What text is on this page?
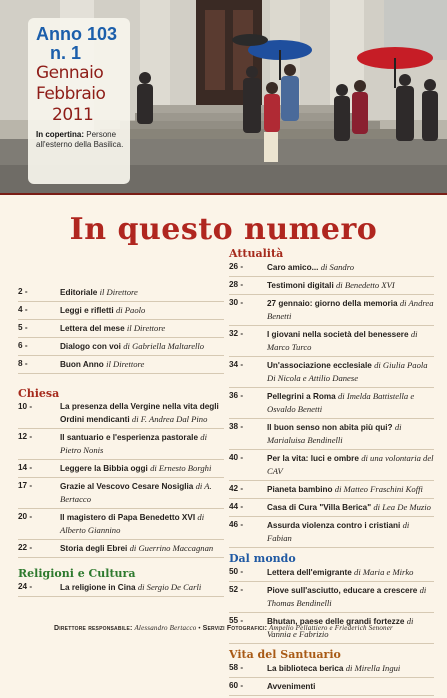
Anno 103
n. 1
Gennaio
Febbraio
2011
In copertina: Persone all'esterno della Basilica.
In questo numero
2 -	Editoriale il Direttore
4 -	Leggi e rifletti di Paolo
5 -	Lettera del mese il Direttore
6 -	Dialogo con voi di Gabriella Maltarello
8 -	Buon Anno il Direttore
Chiesa
10 -	La presenza della Vergine nella vita degli Ordini mendicanti di F. Andrea Dal Pino
12 -	Il santuario e l'esperienza pastorale di Pietro Nonis
14 -	Leggere la Bibbia oggi di Ernesto Borghi
17 -	Grazie al Vescovo Cesare Nosiglia di A. Bertacco
20 -	Il magistero di Papa Benedetto XVI di Alberto Giannino
22 -	Storia degli Ebrei di Guerrino Maccagnan
Religioni e Cultura
24 -	La religione in Cina di Sergio De Carli
Attualità
26 -	Caro amico... di Sandro
28 -	Testimoni digitali di Benedetto XVI
30 -	27 gennaio: giorno della memoria di Andrea Benetti
32 -	I giovani nella società del benessere di Marco Turco
34 -	Un'associazione ecclesiale di Giulia Paola Di Nicola e Attilio Danese
36 -	Pellegrini a Roma di Imelda Battistella e Osvaldo Benetti
38 -	Il buon senso non abita più qui? di Marialuisa Bendinelli
40 -	Per la vita: luci e ombre di una volontaria del CAV
42 -	Pianeta bambino di Matteo Fraschini Koffi
44 -	Casa di Cura "Villa Berica" di Lea De Muzio
46 -	Assurda violenza contro i cristiani di Fabian
Dal mondo
50 -	Lettera dell'emigrante di Maria e Mirko
52 -	Piove sull'asciutto, educare a crescere di Thomas Bendinelli
55 -	Bhutan, paese delle grandi fortezze di Vannia e Fabrizio
Vita del Santuario
58 -	La biblioteca berica di Mirella Ingui
60 -	Avvenimenti
Direttore responsabile: Alessandro Bertacco • Servizi Fotografici: Ampelio Pellattiero e Friederich Senoner
